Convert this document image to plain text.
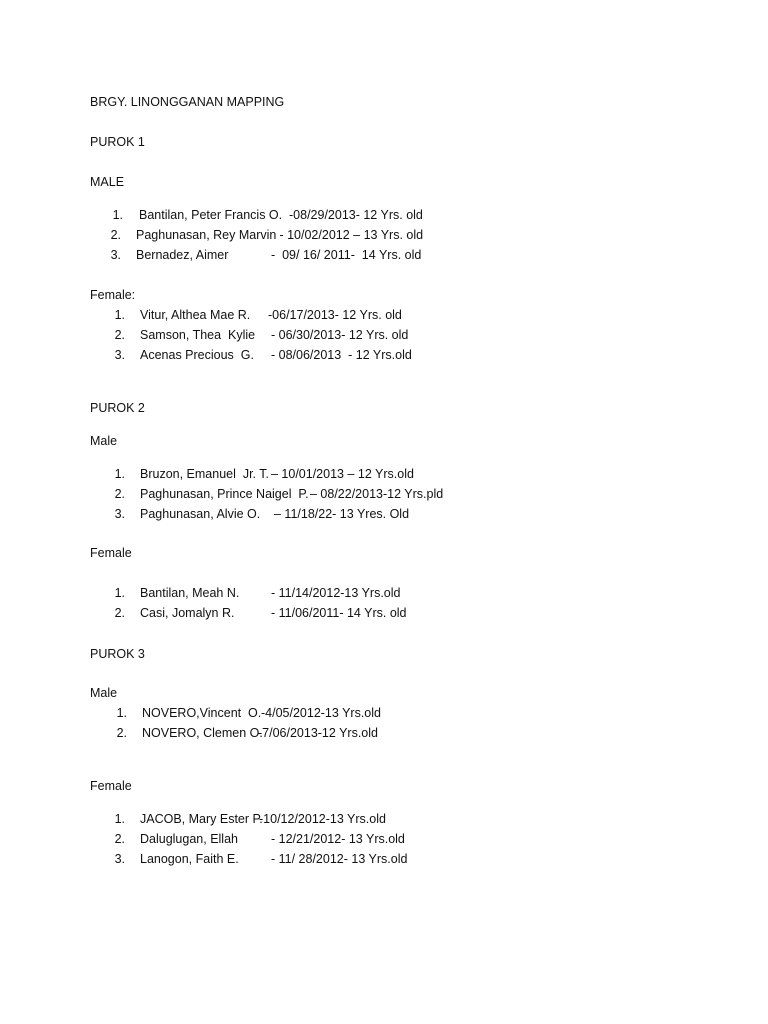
BRGY. LINONGGANAN MAPPING
PUROK 1
MALE
1. Bantilan, Peter Francis O. -08/29/2013- 12 Yrs. old
2. Paghunasan, Rey Marvin - 10/02/2012 – 13 Yrs. old
3. Bernadez, Aimer	-  09/ 16/ 2011-  14 Yrs. old
Female:
1. Vitur, Althea Mae R. -06/17/2013- 12 Yrs. old
2. Samson, Thea  Kylie - 06/30/2013- 12 Yrs. old
3. Acenas Precious  G. - 08/06/2013  - 12 Yrs.old
PUROK 2
Male
1. Bruzon, Emanuel  Jr. T. – 10/01/2013 – 12 Yrs.old
2. Paghunasan, Prince Naigel  P. – 08/22/2013-12 Yrs.pld
3. Paghunasan, Alvie O. – 11/18/22- 13 Yres. Old
Female
1. Bantilan, Meah N.	- 11/14/2012-13 Yrs.old
2. Casi, Jomalyn R.	- 11/06/2011- 14 Yrs. old
PUROK 3
Male
1. NOVERO,Vincent  O. -4/05/2012-13 Yrs.old
2. NOVERO, Clemen O.
-7/06/2013-12 Yrs.old
Female
1. JACOB, Mary Ester P.
-10/12/2012-13 Yrs.old
2. Daluglugan, Ellah	- 12/21/2012- 13 Yrs.old
3. Lanogon, Faith E.	- 11/ 28/2012- 13 Yrs.old
